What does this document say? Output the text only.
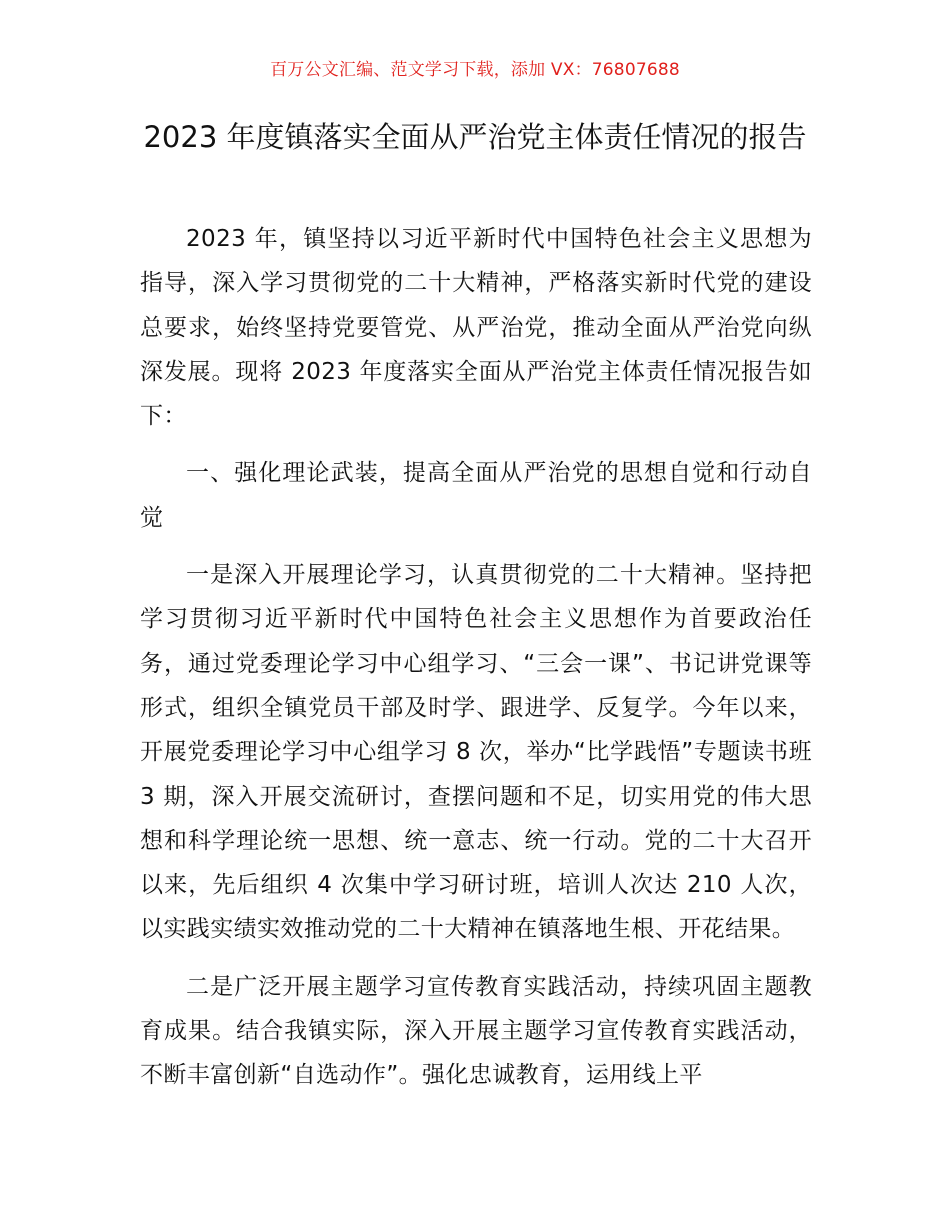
百万公文汇编、范文学习下载，添加 VX：76807688
2023 年度镇落实全面从严治党主体责任情况的报告

2023 年，镇坚持以习近平新时代中国特色社会主义思想为指导，深入学习贯彻党的二十大精神，严格落实新时代党的建设总要求，始终坚持党要管党、从严治党，推动全面从严治党向纵深发展。现将 2023 年度落实全面从严治党主体责任情况报告如下：

一、强化理论武装，提高全面从严治党的思想自觉和行动自觉

一是深入开展理论学习，认真贯彻党的二十大精神。坚持把学习贯彻习近平新时代中国特色社会主义思想作为首要政治任务，通过党委理论学习中心组学习、“三会一课”、书记讲党课等形式，组织全镇党员干部及时学、跟进学、反复学。今年以来，开展党委理论学习中心组学习 8 次，举办“比学践悟”专题读书班 3 期，深入开展交流研讨，查摆问题和不足，切实用党的伟大思想和科学理论统一思想、统一意志、统一行动。党的二十大召开以来，先后组织 4 次集中学习研讨班，培训人次达 210 人次，以实践实绩实效推动党的二十大精神在镇落地生根、开花结果。

二是广泛开展主题学习宣传教育实践活动，持续巩固主题教育成果。结合我镇实际，深入开展主题学习宣传教育实践活动，不断丰富创新“自选动作”。强化忠诚教育，运用线上平
